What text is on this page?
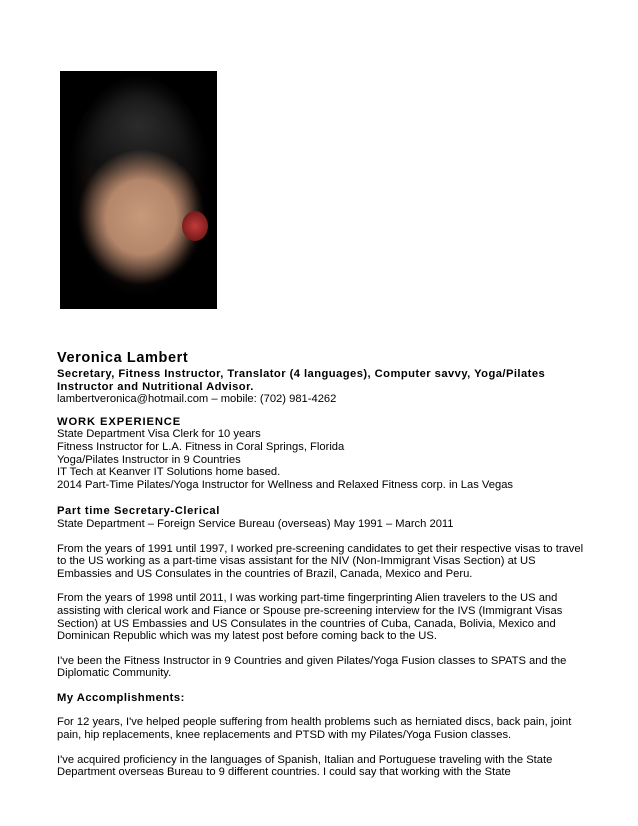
Veronica Lambert

Secretary, Fitness Instructor, Translator (4 languages), Computer savvy, Yoga/Pilates Instructor and Nutritional Advisor.

lambertveronica@hotmail.com – mobile: (702) 981-4262

WORK EXPERIENCE

State Department Visa Clerk for 10 years

Fitness Instructor for L.A. Fitness in Coral Springs, Florida

Yoga/Pilates Instructor in 9 Countries

IT Tech at Keanver IT Solutions home based.

2014 Part-Time Pilates/Yoga Instructor for Wellness and Relaxed Fitness corp. in Las Vegas

Part time Secretary-Clerical

State Department – Foreign Service Bureau (overseas) May 1991 – March 2011

From the years of 1991 until 1997, I worked pre-screening candidates to get their respective visas to travel to the US working as a part-time visas assistant for the NIV (Non-Immigrant Visas Section) at US Embassies and US Consulates in the countries of Brazil, Canada, Mexico and Peru.

From the years of 1998 until 2011, I was working part-time fingerprinting Alien travelers to the US and assisting with clerical work and Fiance or Spouse pre-screening interview for the IVS (Immigrant Visas Section) at US Embassies and US Consulates in the countries of Cuba, Canada, Bolivia, Mexico and Dominican Republic which was my latest post before coming back to the US.

I've been the Fitness Instructor in 9 Countries and given Pilates/Yoga Fusion classes to SPATS and the Diplomatic Community.

My Accomplishments:

For 12 years, I've helped people suffering from health problems such as herniated discs, back pain, joint pain, hip replacements, knee replacements and PTSD with my Pilates/Yoga Fusion classes.

I've acquired proficiency in the languages of Spanish, Italian and Portuguese traveling with the State Department overseas Bureau to 9 different countries. I could say that working with the State
